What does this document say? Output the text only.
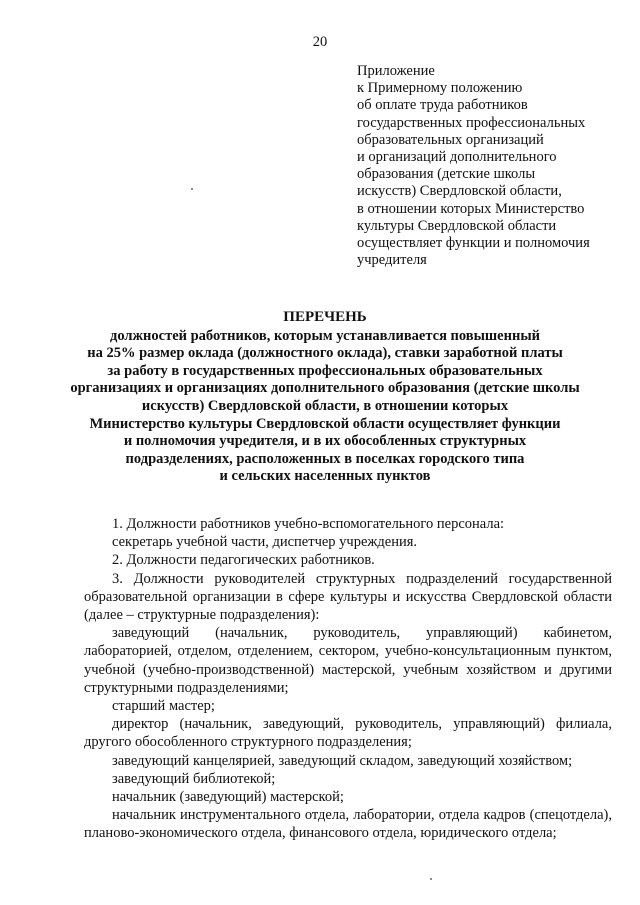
20
Приложение
к Примерному положению
об оплате труда работников
государственных профессиональных
образовательных организаций
и организаций дополнительного
образования (детские школы
искусств) Свердловской области,
в отношении которых Министерство
культуры Свердловской области
осуществляет функции и полномочия
учредителя
ПЕРЕЧЕНЬ
должностей работников, которым устанавливается повышенный
на 25% размер оклада (должностного оклада), ставки заработной платы
за работу в государственных профессиональных образовательных
организациях и организациях дополнительного образования (детские школы
искусств) Свердловской области, в отношении которых
Министерство культуры Свердловской области осуществляет функции
и полномочия учредителя, и в их обособленных структурных
подразделениях, расположенных в поселках городского типа
и сельских населенных пунктов

1. Должности работников учебно-вспомогательного персонала:

секретарь учебной части, диспетчер учреждения.

2. Должности педагогических работников.

3. Должности руководителей структурных подразделений государственной образовательной организации в сфере культуры и искусства Свердловской области (далее – структурные подразделения):

заведующий (начальник, руководитель, управляющий) кабинетом, лабораторией, отделом, отделением, сектором, учебно-консультационным пунктом, учебной (учебно-производственной) мастерской, учебным хозяйством и другими структурными подразделениями;

старший мастер;

директор (начальник, заведующий, руководитель, управляющий) филиала, другого обособленного структурного подразделения;

заведующий канцелярией, заведующий складом, заведующий хозяйством;

заведующий библиотекой;

начальник (заведующий) мастерской;

начальник инструментального отдела, лаборатории, отдела кадров (спецотдела), планово-экономического отдела, финансового отдела, юридического отдела;
